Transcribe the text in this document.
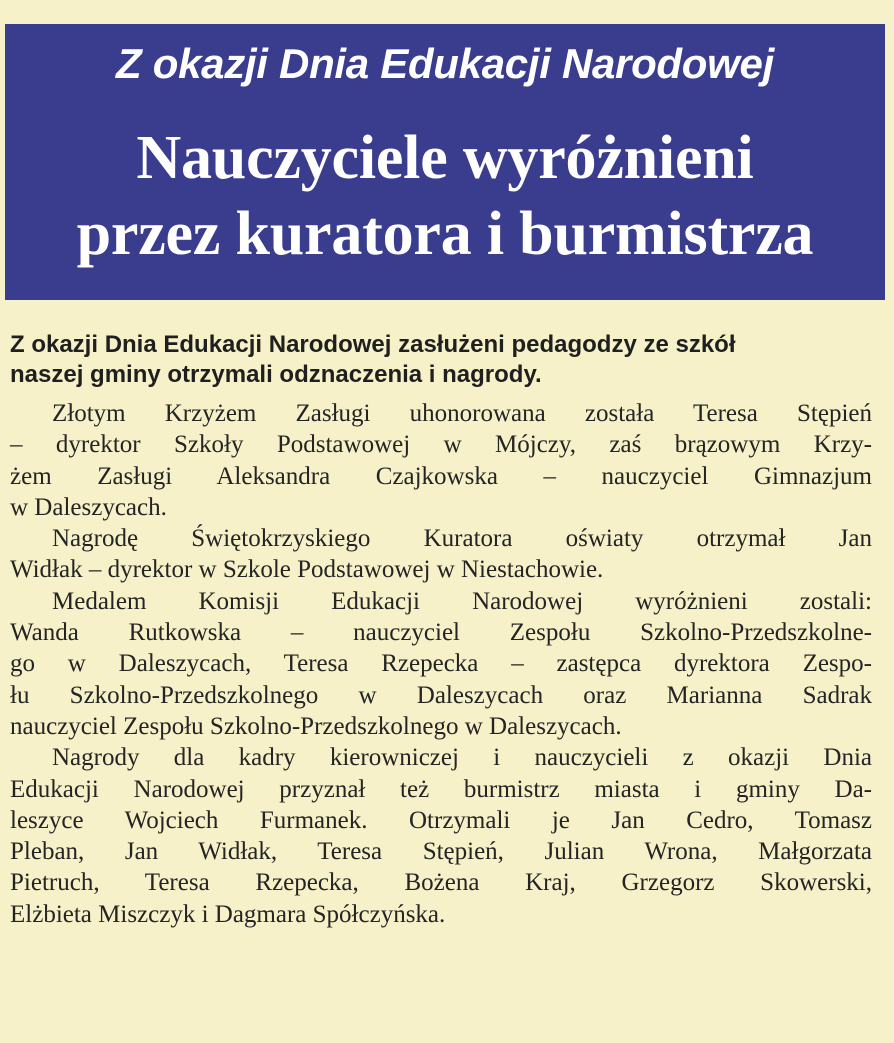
Z okazji Dnia Edukacji Narodowej
Nauczyciele wyróżnieni
przez kuratora i burmistrza
Z okazji Dnia Edukacji Narodowej zasłużeni pedagodzy ze szkół
naszej gminy otrzymali odznaczenia i nagrody.
Złotym Krzyżem Zasługi uhonorowana została Teresa Stępień
– dyrektor Szkoły Podstawowej w Mójczy, zaś brązowym Krzy-
żem Zasługi Aleksandra Czajkowska – nauczyciel Gimnazjum
w Daleszycach.
Nagrodę Świętokrzyskiego Kuratora oświaty otrzymał Jan
Widłak – dyrektor w Szkole Podstawowej w Niestachowie.
Medalem Komisji Edukacji Narodowej wyróżnieni zostali:
Wanda Rutkowska – nauczyciel Zespołu Szkolno-Przedszkolne-
go w Daleszycach, Teresa Rzepecka – zastępca dyrektora Zespo-
łu Szkolno-Przedszkolnego w Daleszycach oraz Marianna Sadrak
nauczyciel Zespołu Szkolno-Przedszkolnego w Daleszycach.
Nagrody dla kadry kierowniczej i nauczycieli z okazji Dnia
Edukacji Narodowej przyznał też burmistrz miasta i gminy Da-
leszyce Wojciech Furmanek. Otrzymali je Jan Cedro, Tomasz
Pleban, Jan Widłak, Teresa Stępień, Julian Wrona, Małgorzata
Pietruch, Teresa Rzepecka, Bożena Kraj, Grzegorz Skowerski,
Elżbieta Miszczyk i Dagmara Spółczyńska.
